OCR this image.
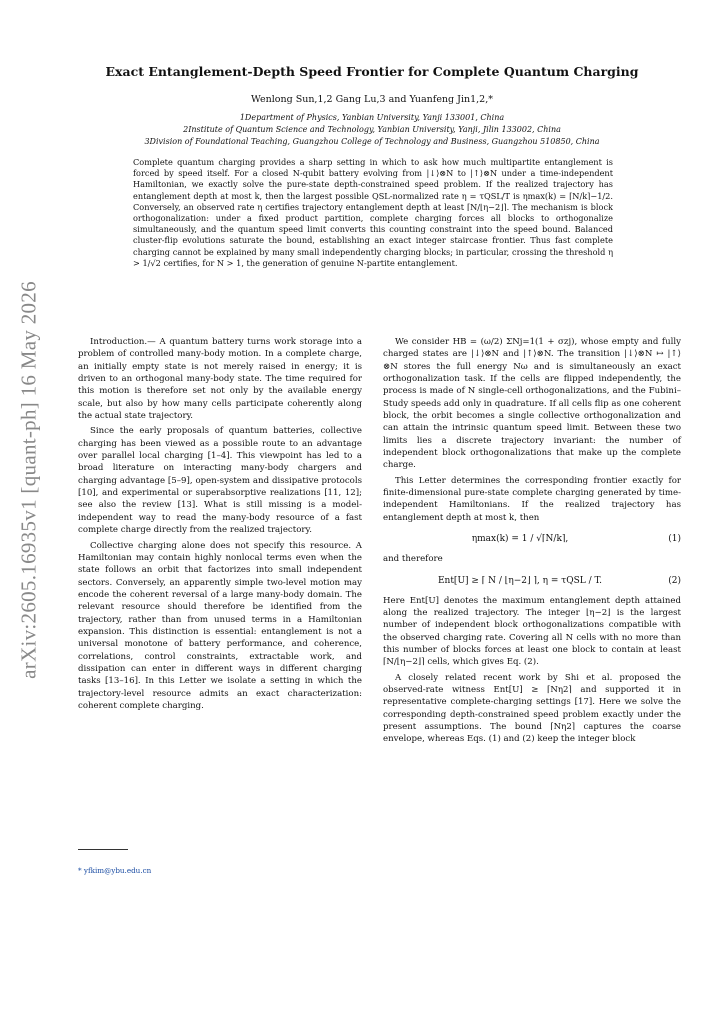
arXiv:2605.16935v1 [quant-ph] 16 May 2026
Exact Entanglement-Depth Speed Frontier for Complete Quantum Charging
Wenlong Sun,1,2 Gang Lu,3 and Yuanfeng Jin1,2,*
1Department of Physics, Yanbian University, Yanji 133001, China
2Institute of Quantum Science and Technology, Yanbian University, Yanji, Jilin 133002, China
3Division of Foundational Teaching, Guangzhou College of Technology and Business, Guangzhou 510850, China
Complete quantum charging provides a sharp setting in which to ask how much multipartite entanglement is forced by speed itself. For a closed N-qubit battery evolving from |↓⟩⊗N to |↑⟩⊗N under a time-independent Hamiltonian, we exactly solve the pure-state depth-constrained speed problem. If the realized trajectory has entanglement depth at most k, then the largest possible QSL-normalized rate η = τQSL/T is ηmax(k) = ⌈N/k⌉−1/2. Conversely, an observed rate η certifies trajectory entanglement depth at least ⌈N/⌊η−2⌋⌉. The mechanism is block orthogonalization: under a fixed product partition, complete charging forces all blocks to orthogonalize simultaneously, and the quantum speed limit converts this counting constraint into the speed bound. Balanced cluster-flip evolutions saturate the bound, establishing an exact integer staircase frontier. Thus fast complete charging cannot be explained by many small independently charging blocks; in particular, crossing the threshold η > 1/√2 certifies, for N > 1, the generation of genuine N-partite entanglement.

Introduction.— A quantum battery turns work storage into a problem of controlled many-body motion. In a complete charge, an initially empty state is not merely raised in energy; it is driven to an orthogonal many-body state. The time required for this motion is therefore set not only by the available energy scale, but also by how many cells participate coherently along the actual state trajectory.

Since the early proposals of quantum batteries, collective charging has been viewed as a possible route to an advantage over parallel local charging [1–4]. This viewpoint has led to a broad literature on interacting many-body chargers and charging advantage [5–9], open-system and dissipative protocols [10], and experimental or superabsorptive realizations [11, 12]; see also the review [13]. What is still missing is a model-independent way to read the many-body resource of a fast complete charge directly from the realized trajectory.

Collective charging alone does not specify this resource. A Hamiltonian may contain highly nonlocal terms even when the state follows an orbit that factorizes into small independent sectors. Conversely, an apparently simple two-level motion may encode the coherent reversal of a large many-body domain. The relevant resource should therefore be identified from the trajectory, rather than from unused terms in a Hamiltonian expansion. This distinction is essential: entanglement is not a universal monotone of battery performance, and coherence, correlations, control constraints, extractable work, and dissipation can enter in different ways in different charging tasks [13–16]. In this Letter we isolate a setting in which the trajectory-level resource admits an exact characterization: coherent complete charging.

We consider HB = (ω/2) ΣNj=1(1 + σzj), whose empty and fully charged states are |↓⟩⊗N and |↑⟩⊗N. The transition |↓⟩⊗N ↦ |↑⟩⊗N stores the full energy Nω and is simultaneously an exact orthogonalization task. If the cells are flipped independently, the process is made of N single-cell orthogonalizations, and the Fubini–Study speeds add only in quadrature. If all cells flip as one coherent block, the orbit becomes a single collective orthogonalization and can attain the intrinsic quantum speed limit. Between these two limits lies a discrete trajectory invariant: the number of independent block orthogonalizations that make up the complete charge.

This Letter determines the corresponding frontier exactly for finite-dimensional pure-state complete charging generated by time-independent Hamiltonians. If the realized trajectory has entanglement depth at most k, then

ηmax(k) = 1 / √⌈N/k⌉,	(1)

and therefore

Ent[U] ≥ ⌈ N / ⌊η−2⌋ ⌉, η = τQSL / T.	(2)

Here Ent[U] denotes the maximum entanglement depth attained along the realized trajectory. The integer ⌊η−2⌋ is the largest number of independent block orthogonalizations compatible with the observed charging rate. Covering all N cells with no more than this number of blocks forces at least one block to contain at least ⌈N/⌊η−2⌋⌉ cells, which gives Eq. (2).

A closely related recent work by Shi et al. proposed the observed-rate witness Ent[U] ≥ ⌈Nη2⌉ and supported it in representative complete-charging settings [17]. Here we solve the corresponding depth-constrained speed problem exactly under the present assumptions. The bound ⌈Nη2⌉ captures the coarse envelope, whereas Eqs. (1) and (2) keep the integer block

* yfkim@ybu.edu.cn
